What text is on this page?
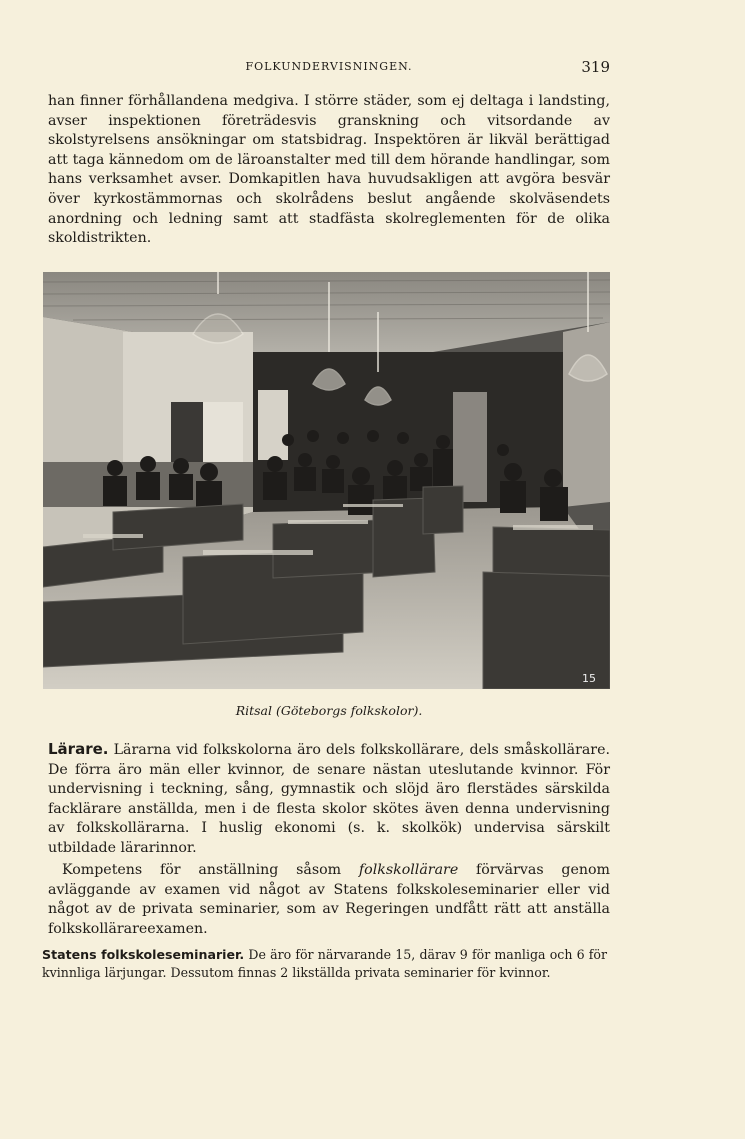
FOLKUNDERVISNINGEN.	319

han finner förhållandena medgiva. I större städer, som ej deltaga i landsting, avser inspektionen företrädesvis granskning och vitsordande av skolstyrelsens ansökningar om statsbidrag. Inspektören är likväl berättigad att taga kännedom om de läroanstalter med till dem hörande handlingar, som hans verksamhet avser. Domkapitlen hava huvudsakligen att avgöra besvär över kyrkostämmornas och skolrådens beslut angående skolväsendets anordning och ledning samt att stadfästa skolreglementen för de olika skoldistrikten.

15
Ritsal (Göteborgs folkskolor).

Lärare. Lärarna vid folkskolorna äro dels folkskollärare, dels småskollärare. De förra äro män eller kvinnor, de senare nästan uteslutande kvinnor. För undervisning i teckning, sång, gymnastik och slöjd äro flerstädes särskilda facklärare anställda, men i de flesta skolor skötes även denna undervisning av folkskollärarna. I huslig ekonomi (s. k. skolkök) undervisa särskilt utbildade lärarinnor.

Kompetens för anställning såsom folkskollärare förvärvas genom avläggande av examen vid något av Statens folkskoleseminarier eller vid något av de privata seminarier, som av Regeringen undfått rätt att anställa folkskollärareexamen.

Statens folkskoleseminarier. De äro för närvarande 15, därav 9 för manliga och 6 för kvinnliga lärjungar. Dessutom finnas 2 likställda privata seminarier för kvinnor.
